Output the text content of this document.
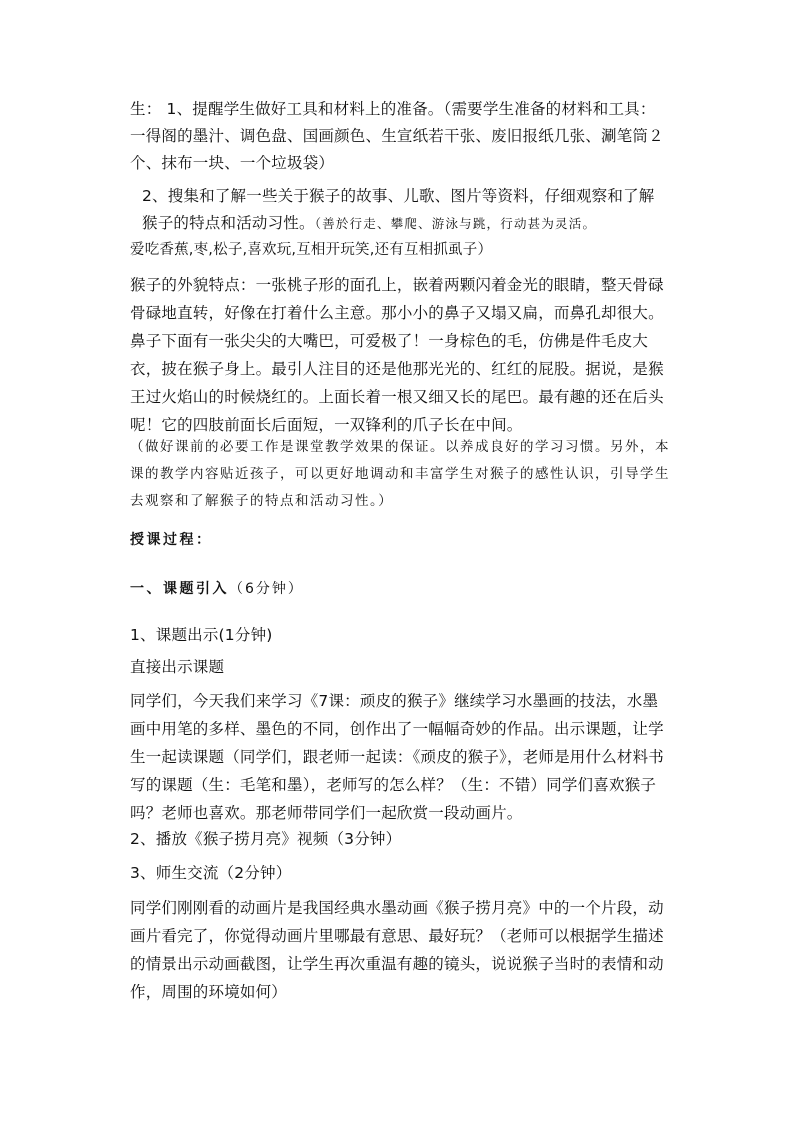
生： 1、提醒学生做好工具和材料上的准备。（需要学生准备的材料和工具：一得阁的墨汁、调色盘、国画颜色、生宣纸若干张、废旧报纸几张、涮笔筒２个、抹布一块、一个垃圾袋）

2、搜集和了解一些关于猴子的故事、儿歌、图片等资料，仔细观察和了解猴子的特点和活动习性。（善於行走、攀爬、游泳与跳，行动甚为灵活。

爱吃香蕉,枣,松子,喜欢玩,互相开玩笑,还有互相抓虱子）

猴子的外貌特点：一张桃子形的面孔上，嵌着两颗闪着金光的眼睛，整天骨碌骨碌地直转，好像在打着什么主意。那小小的鼻子又塌又扁，而鼻孔却很大。鼻子下面有一张尖尖的大嘴巴，可爱极了！一身棕色的毛，仿佛是件毛皮大衣，披在猴子身上。最引人注目的还是他那光光的、红红的屁股。据说，是猴王过火焰山的时候烧红的。上面长着一根又细又长的尾巴。最有趣的还在后头呢！它的四肢前面长后面短，一双锋利的爪子长在中间。

（做好课前的必要工作是课堂教学效果的保证。以养成良好的学习习惯。另外，本课的教学内容贴近孩子，可以更好地调动和丰富学生对猴子的感性认识，引导学生去观察和了解猴子的特点和活动习性。）

授课过程：

一、课题引入（6分钟）

1、课题出示(1分钟)

直接出示课题

同学们，今天我们来学习《7课：顽皮的猴子》继续学习水墨画的技法，水墨画中用笔的多样、墨色的不同，创作出了一幅幅奇妙的作品。出示课题，让学生一起读课题（同学们，跟老师一起读：《顽皮的猴子》，老师是用什么材料书写的课题（生：毛笔和墨），老师写的怎么样？（生：不错）同学们喜欢猴子吗？老师也喜欢。那老师带同学们一起欣赏一段动画片。

2、播放《猴子捞月亮》视频（3分钟）

3、师生交流（2分钟）

同学们刚刚看的动画片是我国经典水墨动画《猴子捞月亮》中的一个片段，动画片看完了，你觉得动画片里哪最有意思、最好玩？（老师可以根据学生描述的情景出示动画截图，让学生再次重温有趣的镜头，说说猴子当时的表情和动作，周围的环境如何）
